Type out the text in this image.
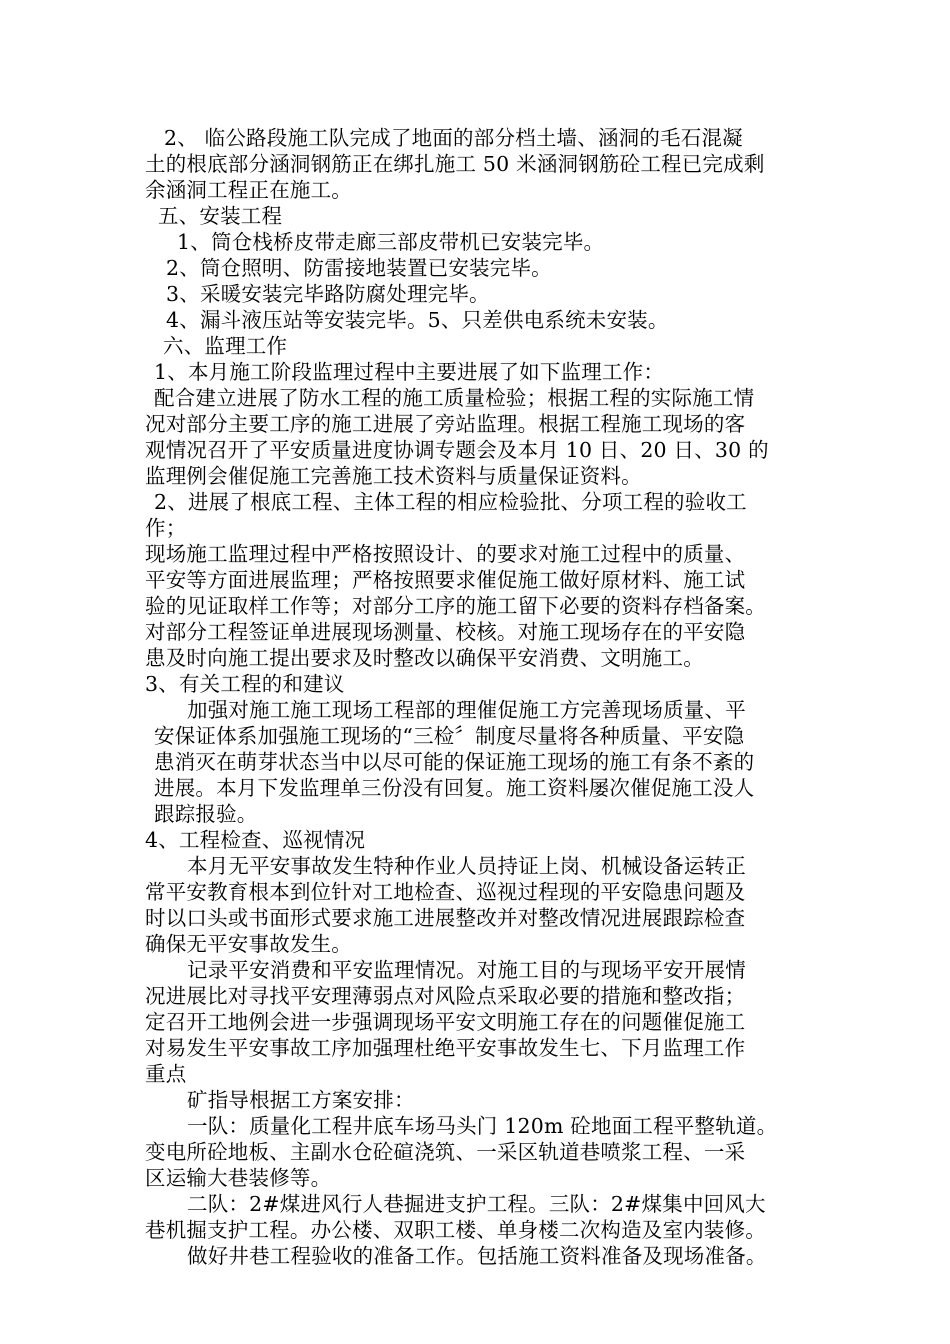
2、 临公路段施工队完成了地面的部分档土墙、涵洞的毛石混凝
土的根底部分涵洞钢筋正在绑扎施工 50 米涵洞钢筋砼工程已完成剩
余涵洞工程正在施工。
五、安装工程
1、筒仓栈桥皮带走廊三部皮带机已安装完毕。
2、筒仓照明、防雷接地装置已安装完毕。
3、采暖安装完毕路防腐处理完毕。
4、漏斗液压站等安装完毕。5、只差供电系统未安装。
六、监理工作
1、本月施工阶段监理过程中主要进展了如下监理工作：
配合建立进展了防水工程的施工质量检验；根据工程的实际施工情
况对部分主要工序的施工进展了旁站监理。根据工程施工现场的客
观情况召开了平安质量进度协调专题会及本月 10 日、20 日、30 的
监理例会催促施工完善施工技术资料与质量保证资料。
2、进展了根底工程、主体工程的相应检验批、分项工程的验收工
作；
现场施工监理过程中严格按照设计、的要求对施工过程中的质量、
平安等方面进展监理；严格按照要求催促施工做好原材料、施工试
验的见证取样工作等；对部分工序的施工留下必要的资料存档备案。
对部分工程签证单进展现场测量、校核。对施工现场存在的平安隐
患及时向施工提出要求及时整改以确保平安消费、文明施工。
3、有关工程的和建议
加强对施工施工现场工程部的理催促施工方完善现场质量、平
安保证体系加强施工现场的“三检〞制度尽量将各种质量、平安隐
患消灭在萌芽状态当中以尽可能的保证施工现场的施工有条不紊的
进展。本月下发监理单三份没有回复。施工资料屡次催促施工没人
跟踪报验。
4、工程检查、巡视情况
本月无平安事故发生特种作业人员持证上岗、机械设备运转正
常平安教育根本到位针对工地检查、巡视过程现的平安隐患问题及
时以口头或书面形式要求施工进展整改并对整改情况进展跟踪检查
确保无平安事故发生。
记录平安消费和平安监理情况。对施工目的与现场平安开展情
况进展比对寻找平安理薄弱点对风险点采取必要的措施和整改指；
定召开工地例会进一步强调现场平安文明施工存在的问题催促施工
对易发生平安事故工序加强理杜绝平安事故发生七、下月监理工作
重点
矿指导根据工方案安排：
一队：质量化工程井底车场马头门 120m 砼地面工程平整轨道。
变电所砼地板、主副水仓砼碹浇筑、一采区轨道巷喷浆工程、一采
区运输大巷装修等。
二队：2#煤进风行人巷掘进支护工程。三队：2#煤集中回风大
巷机掘支护工程。办公楼、双职工楼、单身楼二次构造及室内装修。
做好井巷工程验收的准备工作。包括施工资料准备及现场准备。
